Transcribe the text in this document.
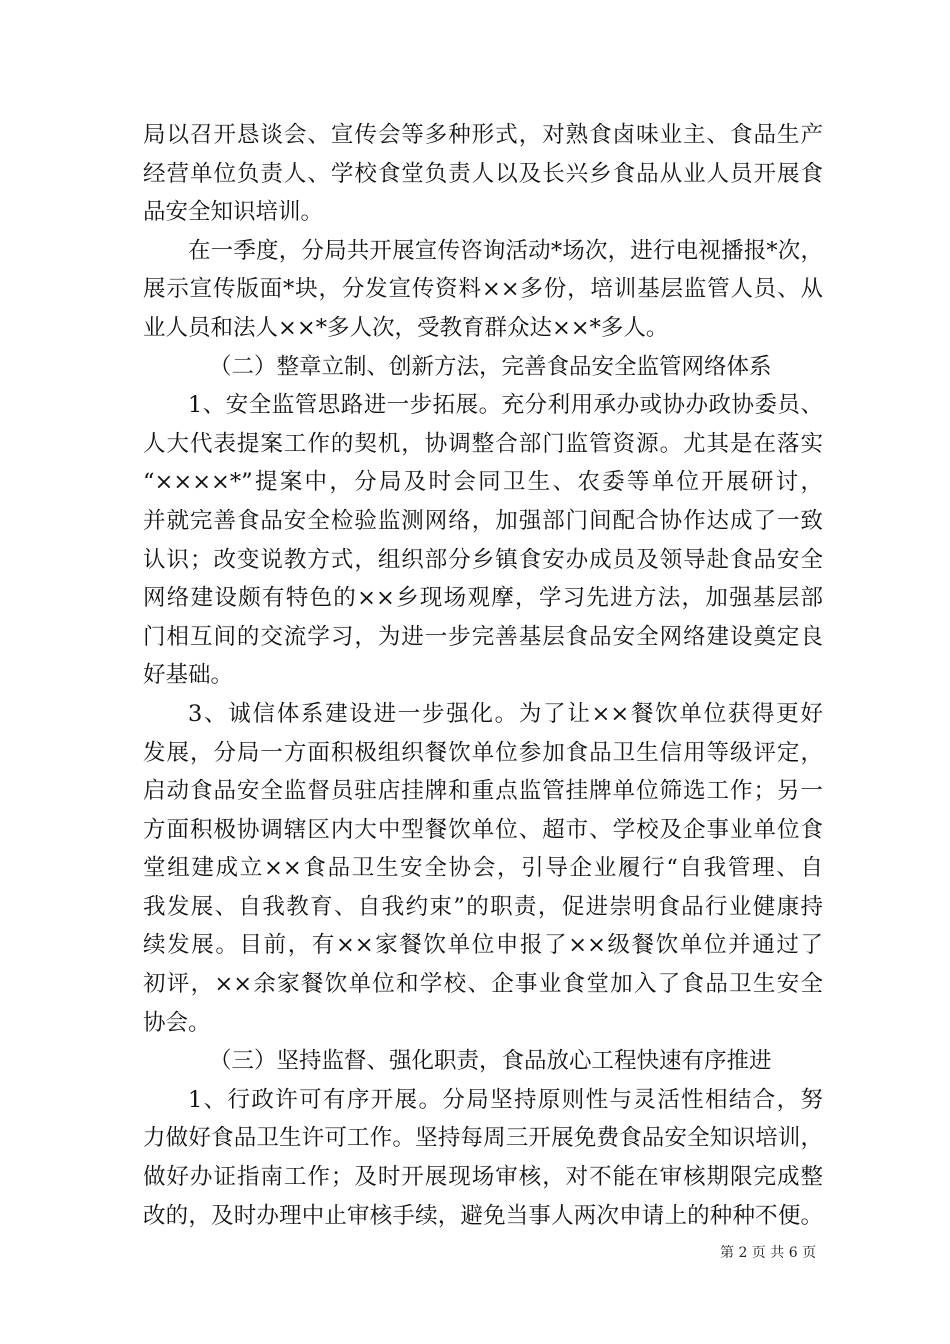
局以召开恳谈会、宣传会等多种形式，对熟食卤味业主、食品生产
经营单位负责人、学校食堂负责人以及长兴乡食品从业人员开展食
品安全知识培训。
在一季度，分局共开展宣传咨询活动*场次，进行电视播报*次，
展示宣传版面*块，分发宣传资料××多份，培训基层监管人员、从
业人员和法人××*多人次，受教育群众达××*多人。
（二）整章立制、创新方法，完善食品安全监管网络体系
1、安全监管思路进一步拓展。充分利用承办或协办政协委员、
人大代表提案工作的契机，协调整合部门监管资源。尤其是在落实
“××××*”提案中，分局及时会同卫生、农委等单位开展研讨，
并就完善食品安全检验监测网络，加强部门间配合协作达成了一致
认识；改变说教方式，组织部分乡镇食安办成员及领导赴食品安全
网络建设颇有特色的××乡现场观摩，学习先进方法，加强基层部
门相互间的交流学习，为进一步完善基层食品安全网络建设奠定良
好基础。
3、诚信体系建设进一步强化。为了让××餐饮单位获得更好
发展，分局一方面积极组织餐饮单位参加食品卫生信用等级评定，
启动食品安全监督员驻店挂牌和重点监管挂牌单位筛选工作；另一
方面积极协调辖区内大中型餐饮单位、超市、学校及企事业单位食
堂组建成立××食品卫生安全协会，引导企业履行“自我管理、自
我发展、自我教育、自我约束”的职责，促进崇明食品行业健康持
续发展。目前，有××家餐饮单位申报了××级餐饮单位并通过了
初评，××余家餐饮单位和学校、企事业食堂加入了食品卫生安全
协会。
（三）坚持监督、强化职责，食品放心工程快速有序推进
1、行政许可有序开展。分局坚持原则性与灵活性相结合，努
力做好食品卫生许可工作。坚持每周三开展免费食品安全知识培训，
做好办证指南工作；及时开展现场审核，对不能在审核期限完成整
改的，及时办理中止审核手续，避免当事人两次申请上的种种不便。
第 2 页 共 6 页
